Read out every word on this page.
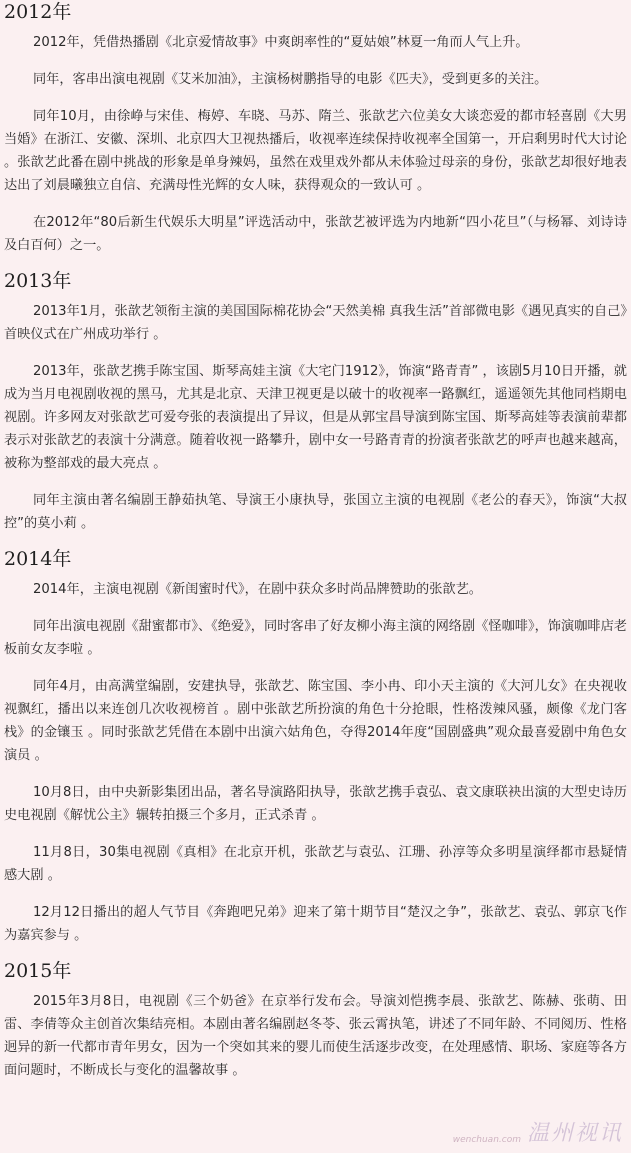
2012年

2012年，凭借热播剧《北京爱情故事》中爽朗率性的“夏姑娘”林夏一角而人气上升。

同年，客串出演电视剧《艾米加油》，主演杨树鹏指导的电影《匹夫》，受到更多的关注。

同年10月，由徐峥与宋佳、梅婷、车晓、马苏、隋兰、张歆艺六位美女大谈恋爱的都市轻喜剧《大男当婚》在浙江、安徽、深圳、北京四大卫视热播后，收视率连续保持收视率全国第一，开启剩男时代大讨论 。张歆艺此番在剧中挑战的形象是单身辣妈，虽然在戏里戏外都从未体验过母亲的身份，张歆艺却很好地表达出了刘晨曦独立自信、充满母性光辉的女人味，获得观众的一致认可 。

在2012年“80后新生代娱乐大明星”评选活动中，张歆艺被评选为内地新“四小花旦”（与杨幂、刘诗诗及白百何）之一。

2013年

2013年1月，张歆艺领衔主演的美国国际棉花协会“天然美棉 真我生活”首部微电影《遇见真实的自己》首映仪式在广州成功举行 。

2013年，张歆艺携手陈宝国、斯琴高娃主演《大宅门1912》，饰演“路青青” ，该剧5月10日开播，就成为当月电视剧收视的黑马，尤其是北京、天津卫视更是以破十的收视率一路飘红，遥遥领先其他同档期电视剧。许多网友对张歆艺可爱夸张的表演提出了异议，但是从郭宝昌导演到陈宝国、斯琴高娃等表演前辈都表示对张歆艺的表演十分满意。随着收视一路攀升，剧中女一号路青青的扮演者张歆艺的呼声也越来越高，被称为整部戏的最大亮点 。

同年主演由著名编剧王静茹执笔、导演王小康执导，张国立主演的电视剧《老公的春天》，饰演“大叔控”的莫小莉 。

2014年

2014年，主演电视剧《新闺蜜时代》，在剧中获众多时尚品牌赞助的张歆艺。

同年出演电视剧《甜蜜都市》、《绝爱》，同时客串了好友柳小海主演的网络剧《怪咖啡》，饰演咖啡店老板前女友李啦 。

同年4月，由高满堂编剧，安建执导，张歆艺、陈宝国、李小冉、印小天主演的《大河儿女》在央视收视飘红，播出以来连创几次收视榜首 。剧中张歆艺所扮演的角色十分抢眼，性格泼辣风骚，颇像《龙门客栈》的金镶玉 。同时张歆艺凭借在本剧中出演六姑角色，夺得2014年度“国剧盛典”观众最喜爱剧中角色女演员 。

10月8日，由中央新影集团出品，著名导演路阳执导，张歆艺携手袁弘、袁文康联袂出演的大型史诗历史电视剧《解忧公主》辗转拍摄三个多月，正式杀青 。

11月8日，30集电视剧《真相》在北京开机，张歆艺与袁弘、江珊、孙淳等众多明星演绎都市悬疑情感大剧 。

12月12日播出的超人气节目《奔跑吧兄弟》迎来了第十期节目“楚汉之争”，张歆艺、袁弘、郭京飞作为嘉宾参与 。

2015年

2015年3月8日，电视剧《三个奶爸》在京举行发布会。导演刘恺携李晨、张歆艺、陈赫、张萌、田雷、李倩等众主创首次集结亮相。本剧由著名编剧赵冬苓、张云霄执笔，讲述了不同年龄、不同阅历、性格迥异的新一代都市青年男女，因为一个突如其来的婴儿而使生活逐步改变，在处理感情、职场、家庭等各方面问题时，不断成长与变化的温馨故事 。

wenchuan.com 温州视讯
